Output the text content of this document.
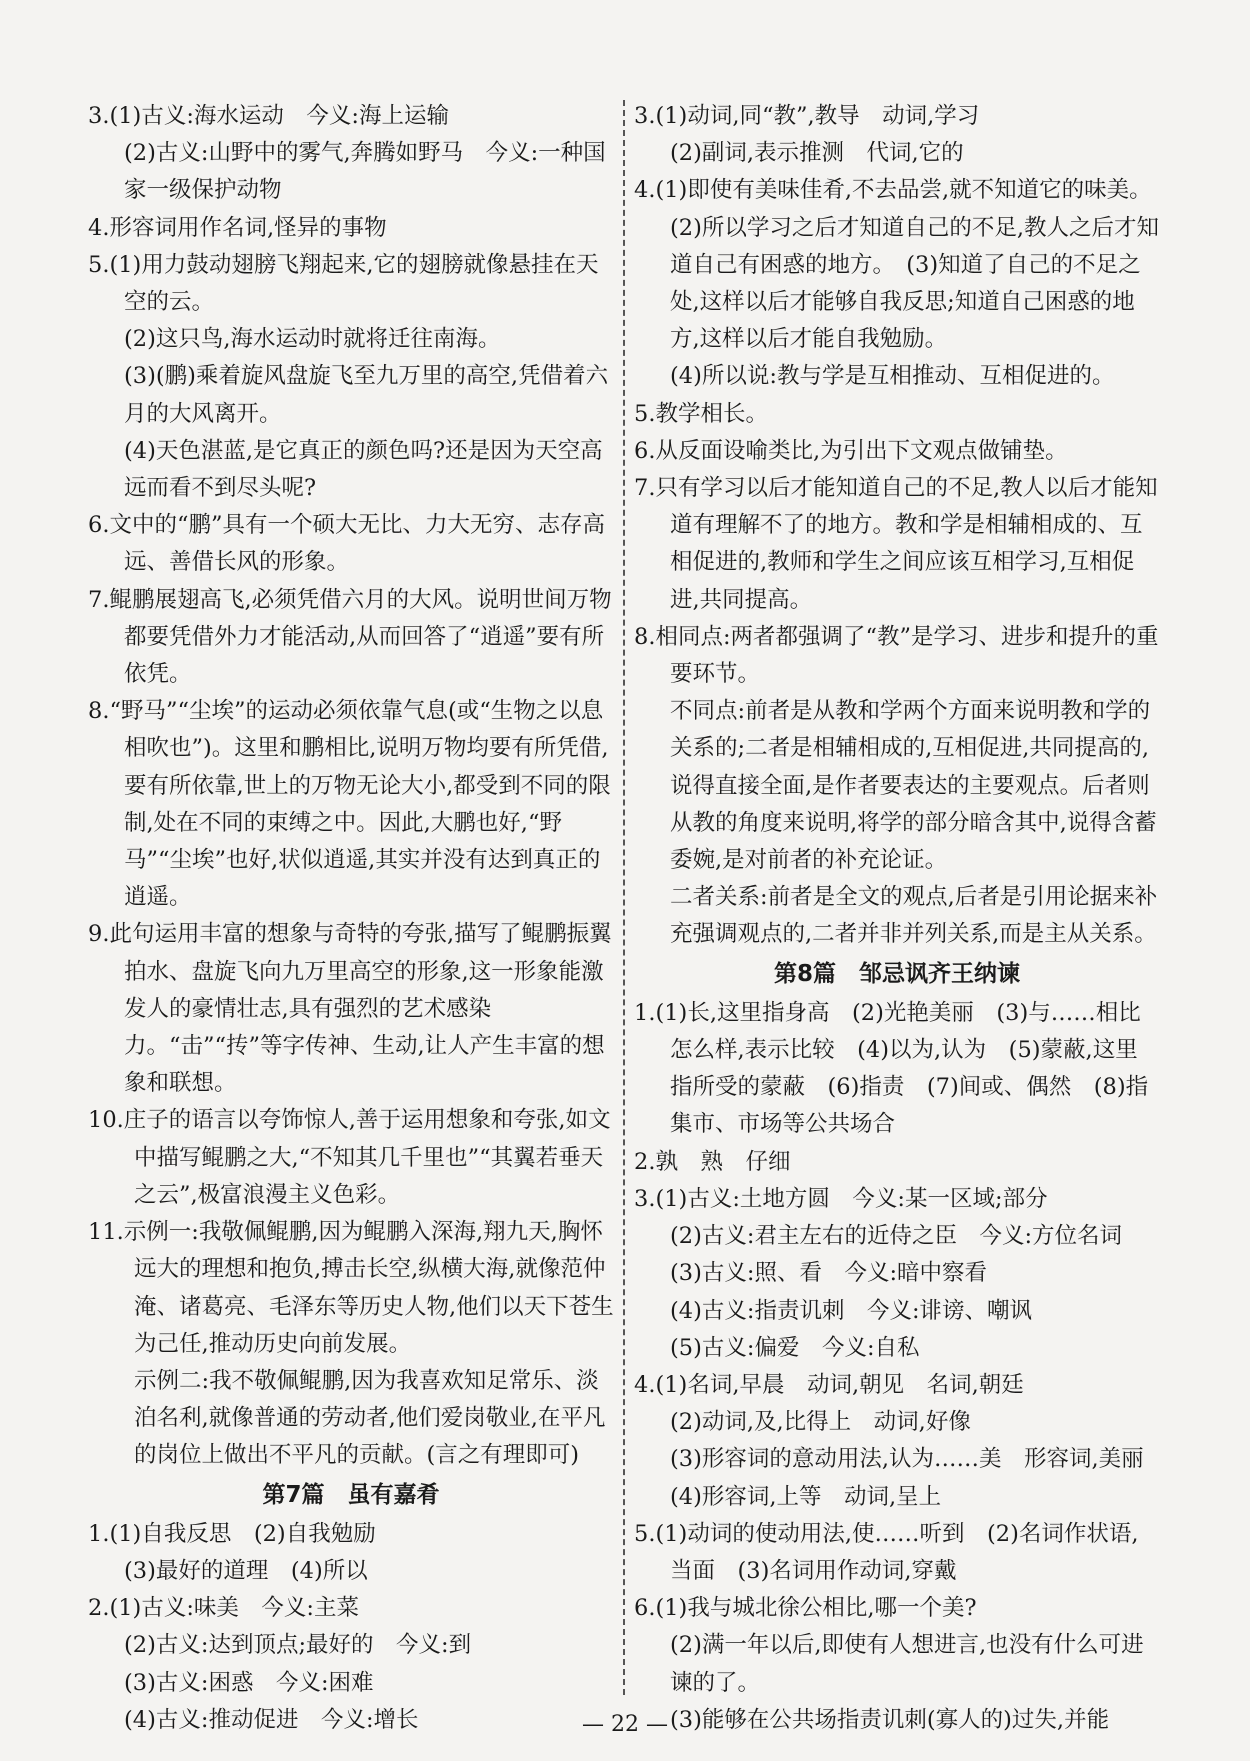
3.(1)古义:海水运动　今义:海上运输
(2)古义:山野中的雾气,奔腾如野马　今义:一种国家一级保护动物
4.形容词用作名词,怪异的事物
5.(1)用力鼓动翅膀飞翔起来,它的翅膀就像悬挂在天空的云。
(2)这只鸟,海水运动时就将迁往南海。
(3)(鹏)乘着旋风盘旋飞至九万里的高空,凭借着六月的大风离开。
(4)天色湛蓝,是它真正的颜色吗?还是因为天空高远而看不到尽头呢?
6.文中的“鹏”具有一个硕大无比、力大无穷、志存高远、善借长风的形象。
7.鲲鹏展翅高飞,必须凭借六月的大风。说明世间万物都要凭借外力才能活动,从而回答了“逍遥”要有所依凭。
8.“野马”“尘埃”的运动必须依靠气息(或“生物之以息相吹也”)。这里和鹏相比,说明万物均要有所凭借,要有所依靠,世上的万物无论大小,都受到不同的限制,处在不同的束缚之中。因此,大鹏也好,“野马”“尘埃”也好,状似逍遥,其实并没有达到真正的逍遥。
9.此句运用丰富的想象与奇特的夸张,描写了鲲鹏振翼拍水、盘旋飞向九万里高空的形象,这一形象能激发人的豪情壮志,具有强烈的艺术感染力。“击”“抟”等字传神、生动,让人产生丰富的想象和联想。
10.庄子的语言以夸饰惊人,善于运用想象和夸张,如文中描写鲲鹏之大,“不知其几千里也”“其翼若垂天之云”,极富浪漫主义色彩。
11.示例一:我敬佩鲲鹏,因为鲲鹏入深海,翔九天,胸怀远大的理想和抱负,搏击长空,纵横大海,就像范仲淹、诸葛亮、毛泽东等历史人物,他们以天下苍生为己任,推动历史向前发展。
示例二:我不敬佩鲲鹏,因为我喜欢知足常乐、淡泊名利,就像普通的劳动者,他们爱岗敬业,在平凡的岗位上做出不平凡的贡献。(言之有理即可)
第7篇　虽有嘉肴
1.(1)自我反思　(2)自我勉励
(3)最好的道理　(4)所以
2.(1)古义:味美　今义:主菜
(2)古义:达到顶点;最好的　今义:到
(3)古义:困惑　今义:困难
(4)古义:推动促进　今义:增长
3.(1)动词,同“教”,教导　动词,学习
(2)副词,表示推测　代词,它的
4.(1)即使有美味佳肴,不去品尝,就不知道它的味美。　(2)所以学习之后才知道自己的不足,教人之后才知道自己有困惑的地方。　(3)知道了自己的不足之处,这样以后才能够自我反思;知道自己困惑的地方,这样以后才能自我勉励。
(4)所以说:教与学是互相推动、互相促进的。
5.教学相长。
6.从反面设喻类比,为引出下文观点做铺垫。
7.只有学习以后才能知道自己的不足,教人以后才能知道有理解不了的地方。教和学是相辅相成的、互相促进的,教师和学生之间应该互相学习,互相促进,共同提高。
8.相同点:两者都强调了“教”是学习、进步和提升的重要环节。
不同点:前者是从教和学两个方面来说明教和学的关系的;二者是相辅相成的,互相促进,共同提高的,说得直接全面,是作者要表达的主要观点。后者则从教的角度来说明,将学的部分暗含其中,说得含蓄委婉,是对前者的补充论证。
二者关系:前者是全文的观点,后者是引用论据来补充强调观点的,二者并非并列关系,而是主从关系。
第8篇　邹忌讽齐王纳谏
1.(1)长,这里指身高　(2)光艳美丽　(3)与……相比怎么样,表示比较　(4)以为,认为　(5)蒙蔽,这里指所受的蒙蔽　(6)指责　(7)间或、偶然　(8)指集市、市场等公共场合
2.孰　熟　仔细
3.(1)古义:土地方圆　今义:某一区域;部分
(2)古义:君主左右的近侍之臣　今义:方位名词
(3)古义:照、看　今义:暗中察看
(4)古义:指责讥刺　今义:诽谤、嘲讽
(5)古义:偏爱　今义:自私
4.(1)名词,早晨　动词,朝见　名词,朝廷
(2)动词,及,比得上　动词,好像
(3)形容词的意动用法,认为……美　形容词,美丽
(4)形容词,上等　动词,呈上
5.(1)动词的使动用法,使……听到　(2)名词作状语,当面　(3)名词用作动词,穿戴
6.(1)我与城北徐公相比,哪一个美?
(2)满一年以后,即使有人想进言,也没有什么可进谏的了。
(3)能够在公共场指责讥刺(寡人的)过失,并能
— 22 —
